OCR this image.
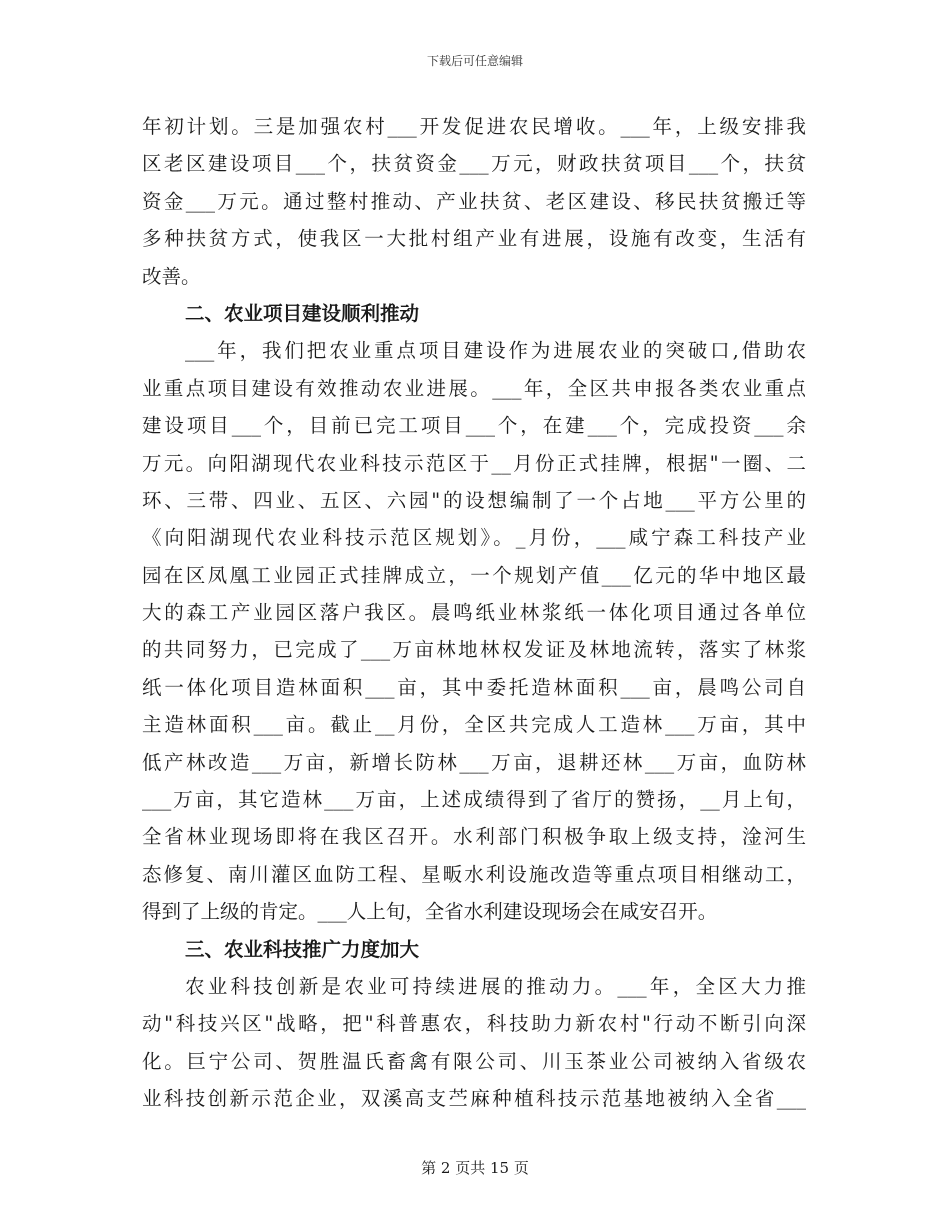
下载后可任意编辑
年初计划。三是加强农村___开发促进农民增收。___年，上级安排我
区老区建设项目___个，扶贫资金___万元，财政扶贫项目___个，扶贫
资金___万元。通过整村推动、产业扶贫、老区建设、移民扶贫搬迁等
多种扶贫方式，使我区一大批村组产业有进展，设施有改变，生活有
改善。
二、农业项目建设顺利推动
___年，我们把农业重点项目建设作为进展农业的突破口,借助农
业重点项目建设有效推动农业进展。___年，全区共申报各类农业重点
建设项目___个，目前已完工项目___个，在建___个，完成投资___余
万元。向阳湖现代农业科技示范区于__月份正式挂牌，根据"一圈、二
环、三带、四业、五区、六园"的设想编制了一个占地___平方公里的
《向阳湖现代农业科技示范区规划》。_月份，___咸宁森工科技产业
园在区凤凰工业园正式挂牌成立，一个规划产值___亿元的华中地区最
大的森工产业园区落户我区。晨鸣纸业林浆纸一体化项目通过各单位
的共同努力，已完成了___万亩林地林权发证及林地流转，落实了林浆
纸一体化项目造林面积___亩，其中委托造林面积___亩，晨鸣公司自
主造林面积___亩。截止__月份，全区共完成人工造林___万亩，其中
低产林改造___万亩，新增长防林___万亩，退耕还林___万亩，血防林
___万亩，其它造林___万亩，上述成绩得到了省厅的赞扬，__月上旬，
全省林业现场即将在我区召开。水利部门积极争取上级支持，淦河生
态修复、南川灌区血防工程、星畈水利设施改造等重点项目相继动工，
得到了上级的肯定。___人上旬，全省水利建设现场会在咸安召开。
三、农业科技推广力度加大
农业科技创新是农业可持续进展的推动力。___年，全区大力推
动"科技兴区"战略，把"科普惠农，科技助力新农村"行动不断引向深
化。巨宁公司、贺胜温氏畜禽有限公司、川玉茶业公司被纳入省级农
业科技创新示范企业，双溪高支苎麻种植科技示范基地被纳入全省___
第 2 页共 15 页
